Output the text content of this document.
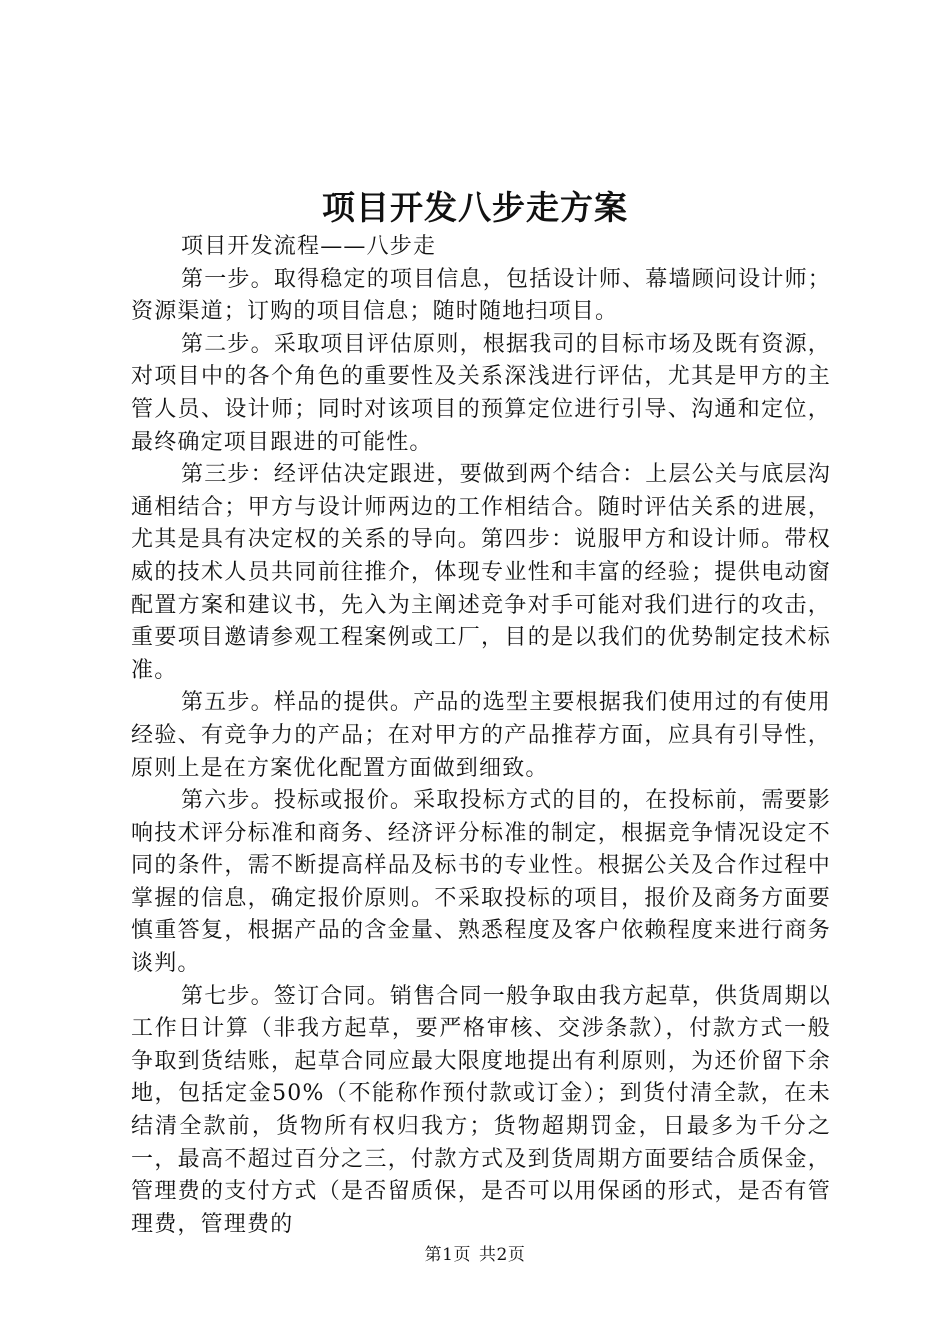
项目开发八步走方案

项目开发流程——八步走

第一步。取得稳定的项目信息，包括设计师、幕墙顾问设计师；资源渠道；订购的项目信息；随时随地扫项目。

第二步。采取项目评估原则，根据我司的目标市场及既有资源，对项目中的各个角色的重要性及关系深浅进行评估，尤其是甲方的主管人员、设计师；同时对该项目的预算定位进行引导、沟通和定位，最终确定项目跟进的可能性。

第三步：经评估决定跟进，要做到两个结合：上层公关与底层沟通相结合；甲方与设计师两边的工作相结合。随时评估关系的进展，尤其是具有决定权的关系的导向。第四步：说服甲方和设计师。带权威的技术人员共同前往推介，体现专业性和丰富的经验；提供电动窗配置方案和建议书，先入为主阐述竞争对手可能对我们进行的攻击，重要项目邀请参观工程案例或工厂，目的是以我们的优势制定技术标准。

第五步。样品的提供。产品的选型主要根据我们使用过的有使用经验、有竞争力的产品；在对甲方的产品推荐方面，应具有引导性，原则上是在方案优化配置方面做到细致。

第六步。投标或报价。采取投标方式的目的，在投标前，需要影响技术评分标准和商务、经济评分标准的制定，根据竞争情况设定不同的条件，需不断提高样品及标书的专业性。根据公关及合作过程中掌握的信息，确定报价原则。不采取投标的项目，报价及商务方面要慎重答复，根据产品的含金量、熟悉程度及客户依赖程度来进行商务谈判。

第七步。签订合同。销售合同一般争取由我方起草，供货周期以工作日计算（非我方起草，要严格审核、交涉条款），付款方式一般争取到货结账，起草合同应最大限度地提出有利原则，为还价留下余地，包括定金50%（不能称作预付款或订金）；到货付清全款，在未结清全款前，货物所有权归我方；货物超期罚金，日最多为千分之一，最高不超过百分之三，付款方式及到货周期方面要结合质保金，管理费的支付方式（是否留质保，是否可以用保函的形式，是否有管理费，管理费的

第1页 共2页
